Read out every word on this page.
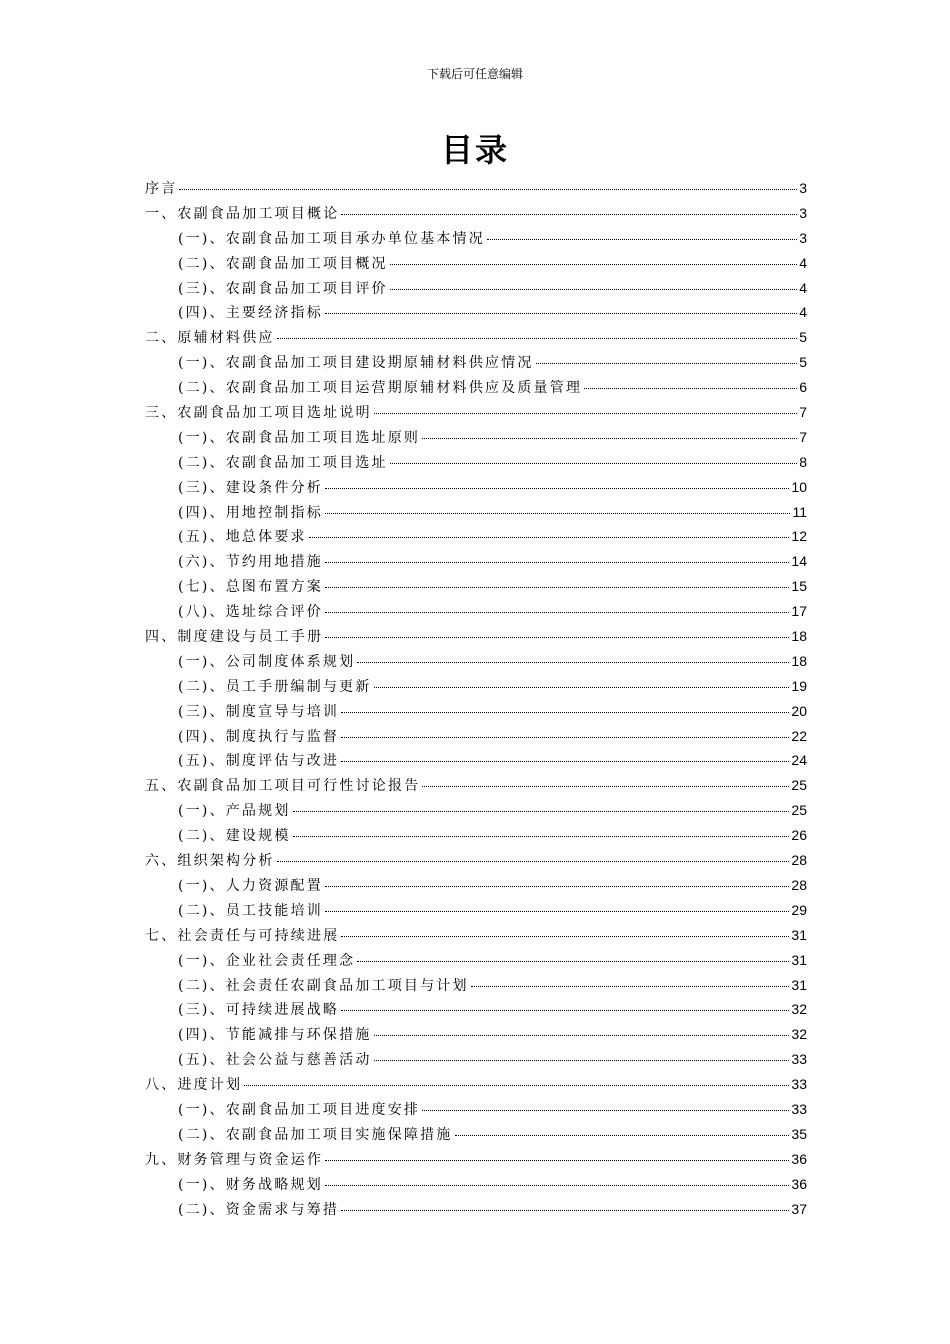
下载后可任意编辑
目录
序言	3
一、农副食品加工项目概论	3
(一)、农副食品加工项目承办单位基本情况	3
(二)、农副食品加工项目概况	4
(三)、农副食品加工项目评价	4
(四)、主要经济指标	4
二、原辅材料供应	5
(一)、农副食品加工项目建设期原辅材料供应情况	5
(二)、农副食品加工项目运营期原辅材料供应及质量管理	6
三、农副食品加工项目选址说明	7
(一)、农副食品加工项目选址原则	7
(二)、农副食品加工项目选址	8
(三)、建设条件分析	10
(四)、用地控制指标	11
(五)、地总体要求	12
(六)、节约用地措施	14
(七)、总图布置方案	15
(八)、选址综合评价	17
四、制度建设与员工手册	18
(一)、公司制度体系规划	18
(二)、员工手册编制与更新	19
(三)、制度宣导与培训	20
(四)、制度执行与监督	22
(五)、制度评估与改进	24
五、农副食品加工项目可行性讨论报告	25
(一)、产品规划	25
(二)、建设规模	26
六、组织架构分析	28
(一)、人力资源配置	28
(二)、员工技能培训	29
七、社会责任与可持续进展	31
(一)、企业社会责任理念	31
(二)、社会责任农副食品加工项目与计划	31
(三)、可持续进展战略	32
(四)、节能减排与环保措施	32
(五)、社会公益与慈善活动	33
八、进度计划	33
(一)、农副食品加工项目进度安排	33
(二)、农副食品加工项目实施保障措施	35
九、财务管理与资金运作	36
(一)、财务战略规划	36
(二)、资金需求与筹措	37
